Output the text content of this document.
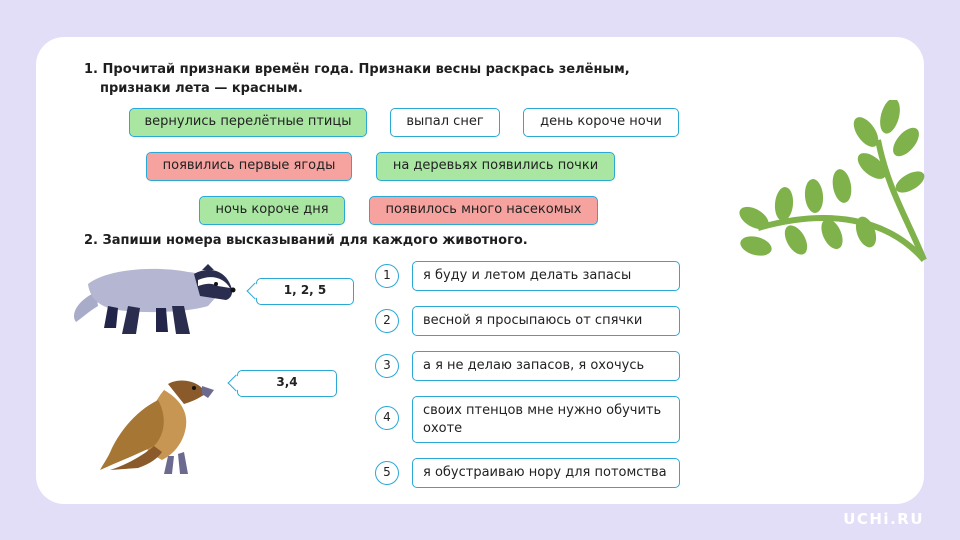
1. Прочитай признаки времён года. Признаки весны раскрась зелёным,
признаки лета — красным.
вернулись перелётные птицы	выпал снег	день короче ночи
появились первые ягоды	на деревьях появились почки
ночь короче дня	появилось много насекомых
2. Запиши номера высказываний для каждого животного.
1, 2, 5
3,4
1	я буду и летом делать запасы
2	весной я просыпаюсь от спячки
3	а я не делаю запасов, я охочусь
4	своих птенцов мне нужно обучить охоте
5	я обустраиваю нору для потомства
UCHi.RU
